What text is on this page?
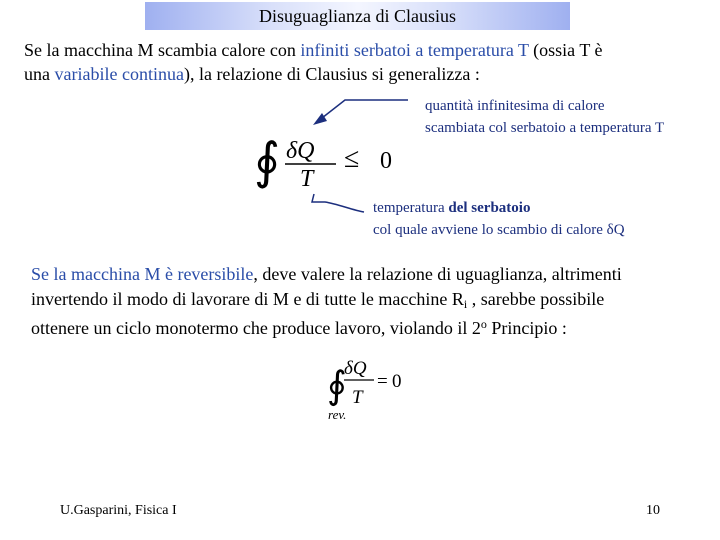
Disuguaglianza di Clausius
Se la macchina M scambia calore con infiniti serbatoi a temperatura T (ossia T è
una variabile continua), la relazione di Clausius si generalizza :
∮ δQ
T
≤ 0
quantità infinitesima di calore
scambiata col serbatoio a temperatura T
temperatura del serbatoio
col quale avviene lo scambio di calore δQ
Se la macchina M è reversibile, deve valere la relazione di uguaglianza, altrimenti
invertendo il modo di lavorare di M e di tutte le macchine $R_i$ , sarebbe possibile
ottenere un ciclo monotermo che produce lavoro, violando il 2$^o$ Principio :
∮
δQ
T
= 0
rev.
U.Gasparini, Fisica I	10
